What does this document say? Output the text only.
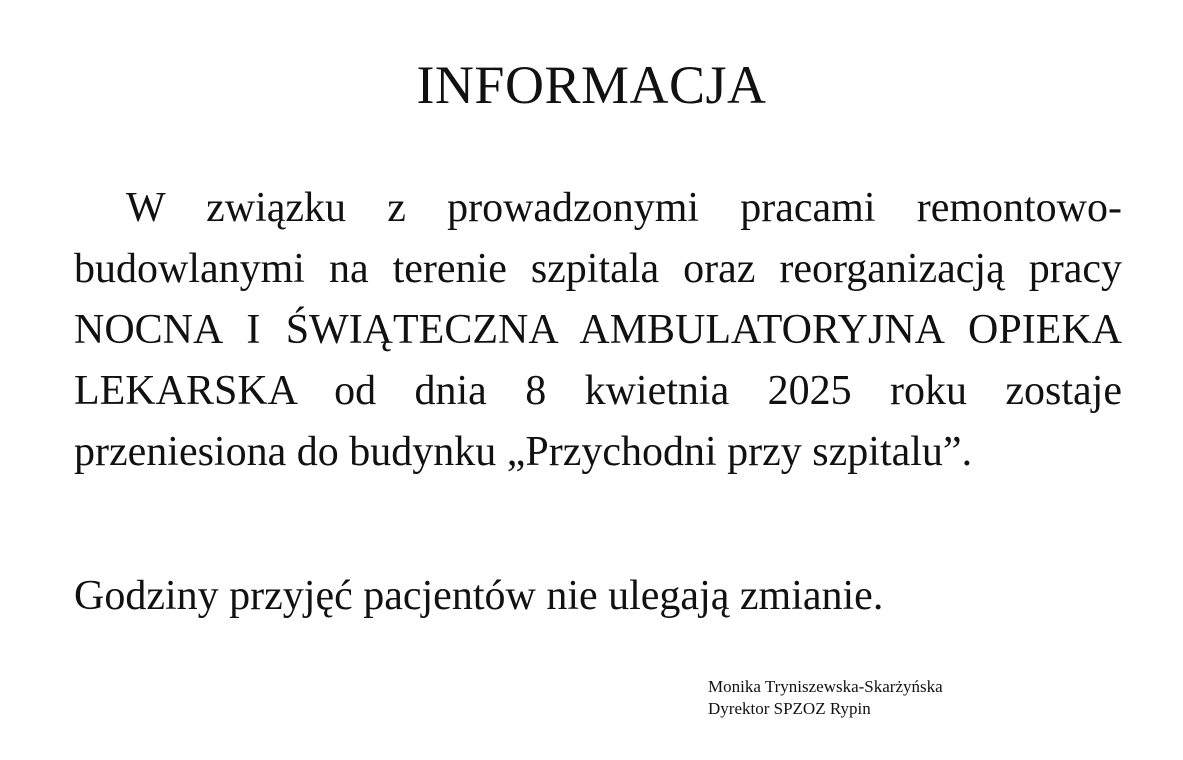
INFORMACJA

W związku z prowadzonymi pracami remontowo-budowlanymi na terenie szpitala oraz reorganizacją pracy NOCNA I ŚWIĄTECZNA AMBULATORYJNA OPIEKA LEKARSKA od dnia 8 kwietnia 2025 roku zostaje przeniesiona do budynku „Przychodni przy szpitalu”.

Godziny przyjęć pacjentów nie ulegają zmianie.

Monika Tryniszewska-Skarżyńska
Dyrektor SPZOZ Rypin
